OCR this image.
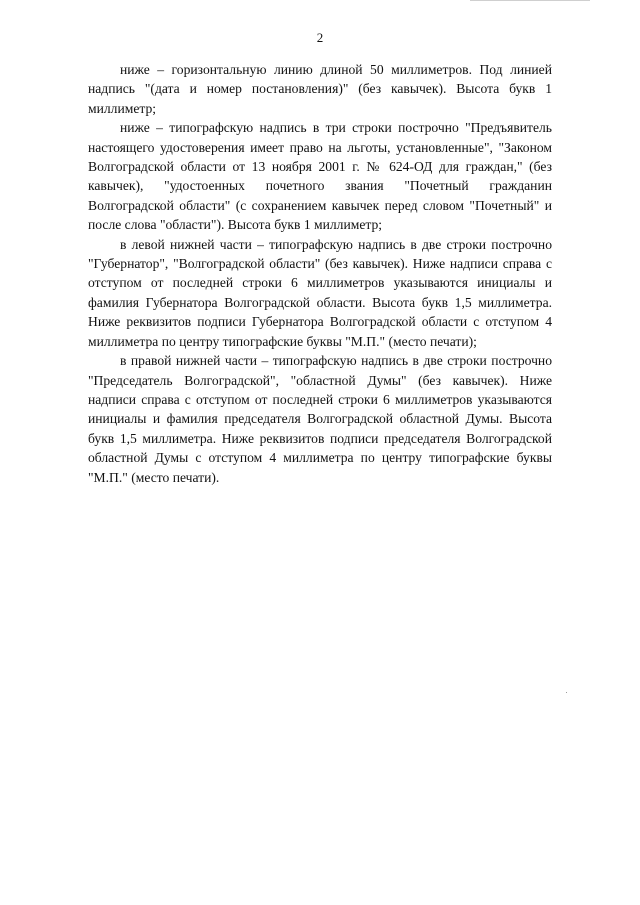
2

ниже – горизонтальную линию длиной 50 миллиметров. Под линией надпись "(дата и номер постановления)" (без кавычек). Высота букв 1 миллиметр;

ниже – типографскую надпись в три строки построчно "Предъявитель настоящего удостоверения имеет право на льготы, установленные", "Законом Волгоградской области от 13 ноября 2001 г. № 624-ОД для граждан," (без кавычек), "удостоенных почетного звания "Почетный гражданин Волгоградской области" (с сохранением кавычек перед словом "Почетный" и после слова "области"). Высота букв 1 миллиметр;

в левой нижней части – типографскую надпись в две строки построчно "Губернатор", "Волгоградской области" (без кавычек). Ниже надписи справа с отступом от последней строки 6 миллиметров указываются инициалы и фамилия Губернатора Волгоградской области. Высота букв 1,5 миллиметра. Ниже реквизитов подписи Губернатора Волгоградской области с отступом 4 миллиметра по центру типографские буквы "М.П." (место печати);

в правой нижней части – типографскую надпись в две строки построчно "Председатель Волгоградской", "областной Думы" (без кавычек). Ниже надписи справа с отступом от последней строки 6 миллиметров указываются инициалы и фамилия председателя Волгоградской областной Думы. Высота букв 1,5 миллиметра. Ниже реквизитов подписи председателя Волгоградской областной Думы с отступом 4 миллиметра по центру типографские буквы "М.П." (место печати).
